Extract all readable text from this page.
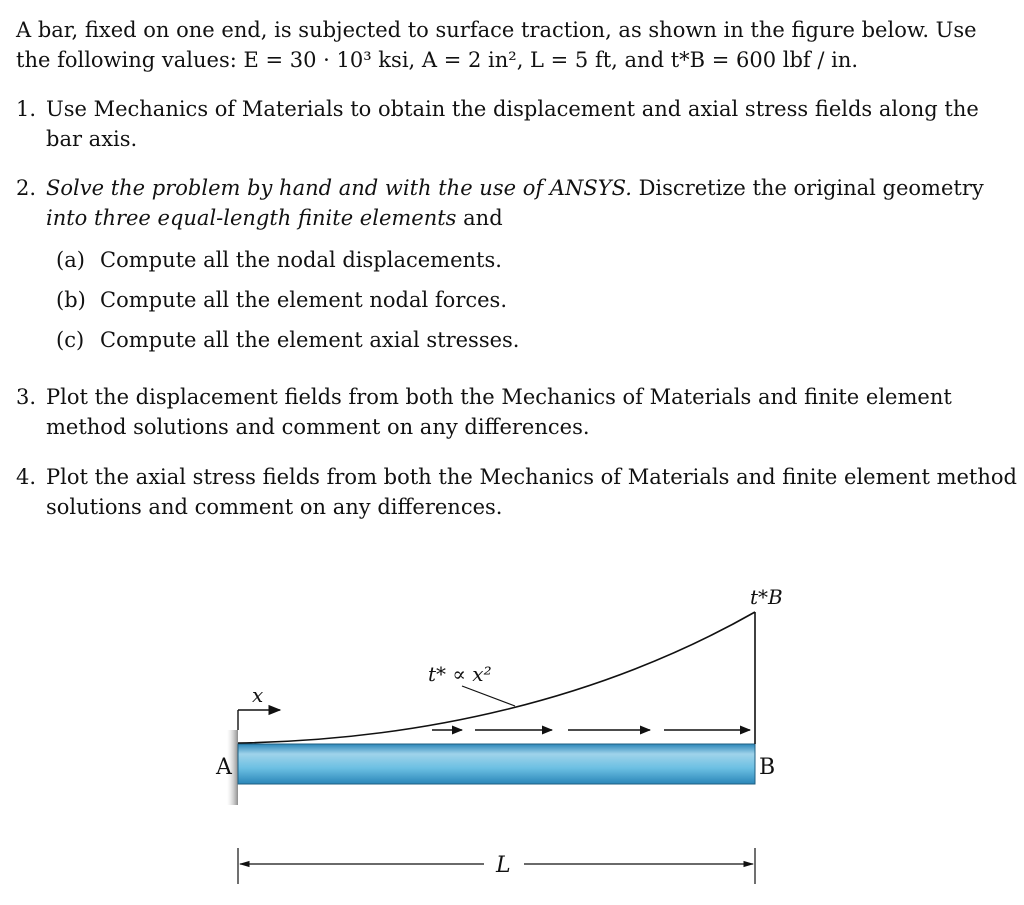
A bar, fixed on one end, is subjected to surface traction, as shown in the figure below. Use
the following values: E = 30 · 10³ ksi, A = 2 in², L = 5 ft, and t*B = 600 lbf / in.
1. Use Mechanics of Materials to obtain the displacement and axial stress fields along the
bar axis.
2. Solve the problem by hand and with the use of ANSYS. Discretize the original geometry
into three equal-length finite elements and
(a) Compute all the nodal displacements.
(b) Compute all the element nodal forces.
(c) Compute all the element axial stresses.
3. Plot the displacement fields from both the Mechanics of Materials and finite element
method solutions and comment on any differences.
4. Plot the axial stress fields from both the Mechanics of Materials and finite element method
solutions and comment on any differences.
t* ∝ x²
t*B
x
A	B
L
